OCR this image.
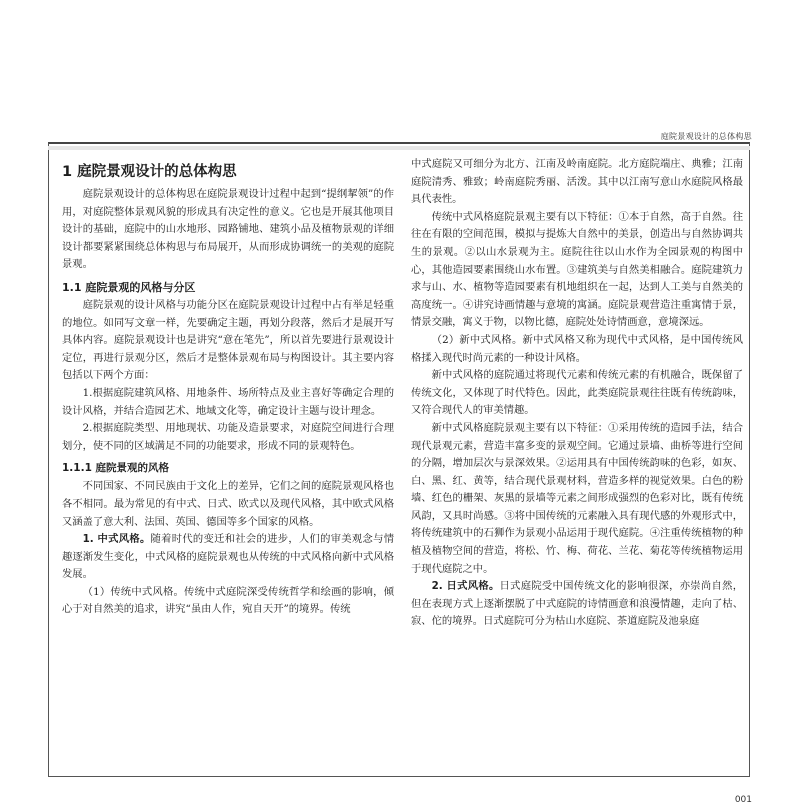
庭院景观设计的总体构思
1 庭院景观设计的总体构思

庭院景观设计的总体构思在庭院景观设计过程中起到“提纲挈领”的作用，对庭院整体景观风貌的形成具有决定性的意义。它也是开展其他项目设计的基础，庭院中的山水地形、园路铺地、建筑小品及植物景观的详细设计都要紧紧围绕总体构思与布局展开，从而形成协调统一的美观的庭院景观。

1.1 庭院景观的风格与分区

庭院景观的设计风格与功能分区在庭院景观设计过程中占有举足轻重的地位。如同写文章一样，先要确定主题，再划分段落，然后才是展开写具体内容。庭院景观设计也是讲究“意在笔先”，所以首先要进行景观设计定位，再进行景观分区，然后才是整体景观布局与构图设计。其主要内容包括以下两个方面：

1.根据庭院建筑风格、用地条件、场所特点及业主喜好等确定合理的设计风格，并结合造园艺术、地域文化等，确定设计主题与设计理念。

2.根据庭院类型、用地现状、功能及造景要求，对庭院空间进行合理划分，使不同的区域满足不同的功能要求，形成不同的景观特色。

1.1.1 庭院景观的风格

不同国家、不同民族由于文化上的差异，它们之间的庭院景观风格也各不相同。最为常见的有中式、日式、欧式以及现代风格，其中欧式风格又涵盖了意大利、法国、英国、德国等多个国家的风格。

1. 中式风格。随着时代的变迁和社会的进步，人们的审美观念与情趣逐渐发生变化，中式风格的庭院景观也从传统的中式风格向新中式风格发展。

（1）传统中式风格。传统中式庭院深受传统哲学和绘画的影响，倾心于对自然美的追求，讲究“虽由人作，宛自天开”的境界。传统

中式庭院又可细分为北方、江南及岭南庭院。北方庭院端庄、典雅；江南庭院清秀、雅致；岭南庭院秀丽、活泼。其中以江南写意山水庭院风格最具代表性。

传统中式风格庭院景观主要有以下特征：①本于自然，高于自然。往往在有限的空间范围，模拟与提炼大自然中的美景，创造出与自然协调共生的景观。②以山水景观为主。庭院往往以山水作为全园景观的构图中心，其他造园要素围绕山水布置。③建筑美与自然美相融合。庭院建筑力求与山、水、植物等造园要素有机地组织在一起，达到人工美与自然美的高度统一。④讲究诗画情趣与意境的寓涵。庭院景观营造注重寓情于景，情景交融，寓义于物，以物比德，庭院处处诗情画意，意境深远。

（2）新中式风格。新中式风格又称为现代中式风格，是中国传统风格揉入现代时尚元素的一种设计风格。

新中式风格的庭院通过将现代元素和传统元素的有机融合，既保留了传统文化，又体现了时代特色。因此，此类庭院景观往往既有传统韵味，又符合现代人的审美情趣。

新中式风格庭院景观主要有以下特征：①采用传统的造园手法，结合现代景观元素，营造丰富多变的景观空间。它通过景墙、曲桥等进行空间的分隔，增加层次与景深效果。②运用具有中国传统韵味的色彩，如灰、白、黑、红、黄等，结合现代景观材料，营造多样的视觉效果。白色的粉墙、红色的栅架、灰黑的景墙等元素之间形成强烈的色彩对比，既有传统风韵，又具时尚感。③将中国传统的元素融入具有现代感的外观形式中，将传统建筑中的石狮作为景观小品运用于现代庭院。④注重传统植物的种植及植物空间的营造，将松、竹、梅、荷花、兰花、菊花等传统植物运用于现代庭院之中。

2. 日式风格。日式庭院受中国传统文化的影响很深，亦崇尚自然，但在表现方式上逐渐摆脱了中式庭院的诗情画意和浪漫情趣，走向了枯、寂、佗的境界。日式庭院可分为枯山水庭院、茶道庭院及池泉庭

001
